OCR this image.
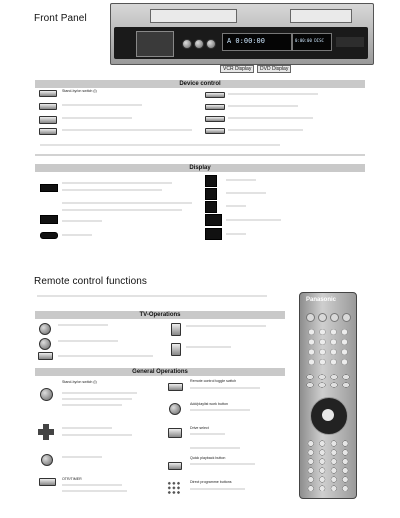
Front Panel
A 0:00:00	0:00:00 DISC
VCR Display	DVD Display
Device control
Stand-by/on switch (I)
Display
Remote control functions
TV-Operations
General Operations
Stand-by/on switch (I)
OTR/TIMER
Remote control toggle switch
Add/playlist work button
Drive select
Quick playback button
Direct programme buttons
Panasonic
